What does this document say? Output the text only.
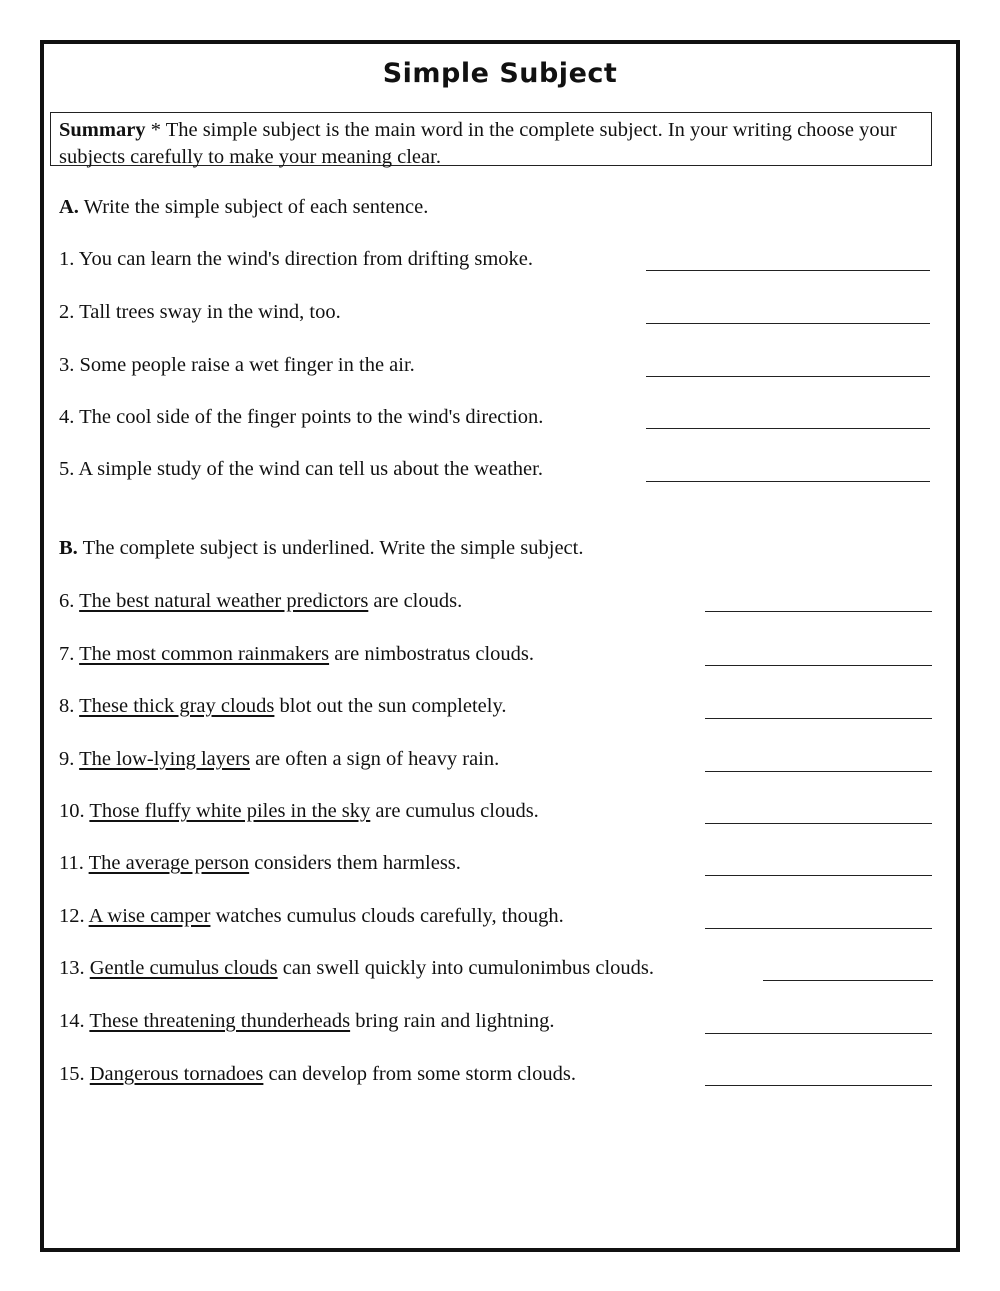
Simple Subject
Summary * The simple subject is the main word in the complete subject. In your writing choose your subjects carefully to make your meaning clear.
A. Write the simple subject of each sentence.
1. You can learn the wind's direction from drifting smoke.
2. Tall trees sway in the wind, too.
3. Some people raise a wet finger in the air.
4. The cool side of the finger points to the wind's direction.
5. A simple study of the wind can tell us about the weather.
B. The complete subject is underlined. Write the simple subject.
6. The best natural weather predictors are clouds.
7. The most common rainmakers are nimbostratus clouds.
8. These thick gray clouds blot out the sun completely.
9. The low-lying layers are often a sign of heavy rain.
10. Those fluffy white piles in the sky are cumulus clouds.
11. The average person considers them harmless.
12. A wise camper watches cumulus clouds carefully, though.
13. Gentle cumulus clouds can swell quickly into cumulonimbus clouds.
14. These threatening thunderheads bring rain and lightning.
15. Dangerous tornadoes can develop from some storm clouds.
